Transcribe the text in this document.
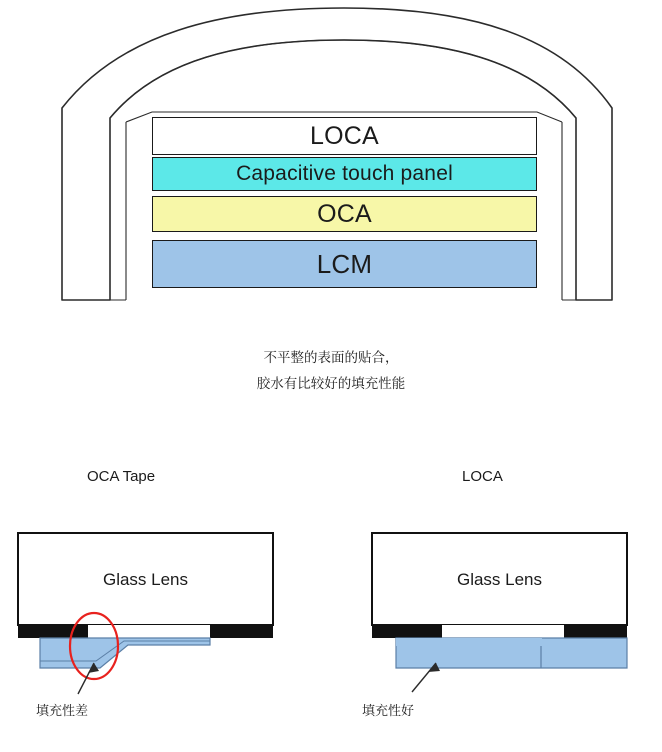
LOCA
Capacitive touch panel
OCA
LCM
不平整的表面的贴合，
胶水有比较好的填充性能
OCA Tape	LOCA
填充性差	填充性好
Glass Lens	Glass Lens
